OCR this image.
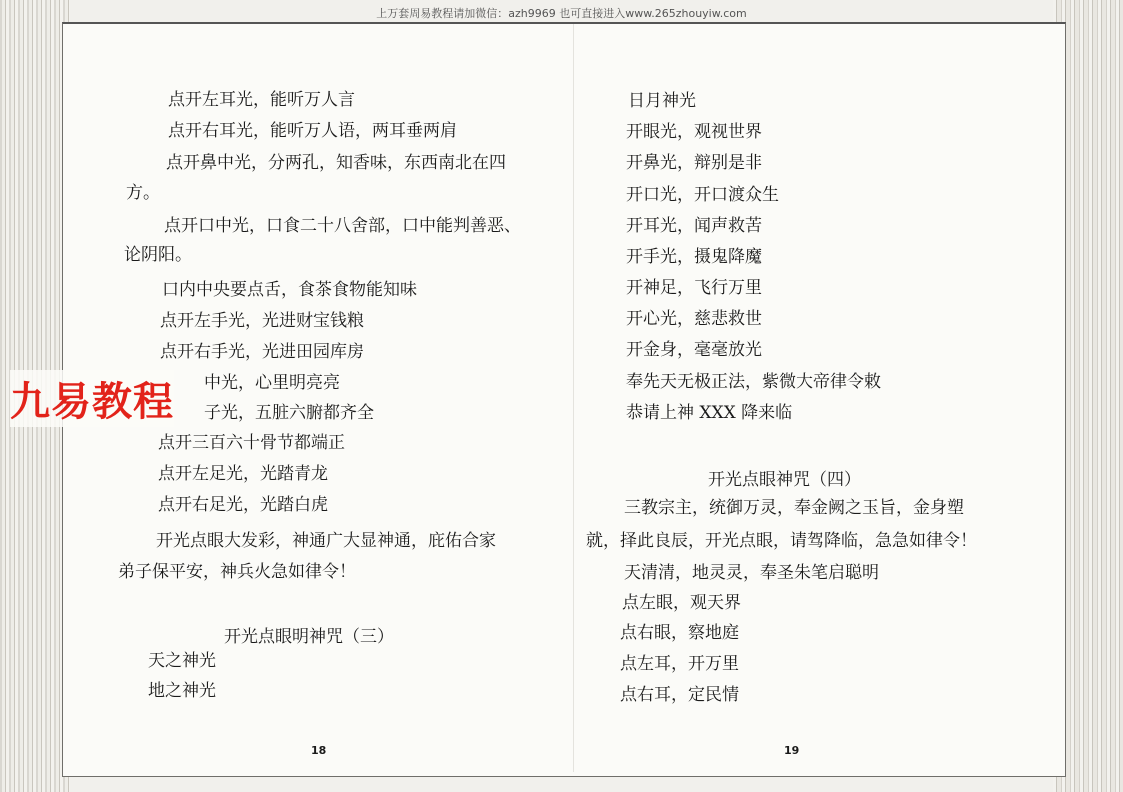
上万套周易教程请加微信：azh9969 也可直接进入www.265zhouyiw.com
点开左耳光，能听万人言
点开右耳光，能听万人语，两耳垂两肩
点开鼻中光，分两孔，知香味，东西南北在四
方。
点开口中光，口食二十八舍部，口中能判善恶、
论阴阳。
口内中央要点舌，食茶食物能知味
点开左手光，光进财宝钱粮
点开右手光，光进田园库房
中光，心里明亮亮
子光，五脏六腑都齐全
点开三百六十骨节都端正
点开左足光，光踏青龙
点开右足光，光踏白虎
开光点眼大发彩，神通广大显神通，庇佑合家
弟子保平安，神兵火急如律令！
开光点眼明神咒（三）
天之神光
地之神光
18
日月神光
开眼光，观视世界
开鼻光，辩别是非
开口光，开口渡众生
开耳光，闻声救苦
开手光，摄鬼降魔
开神足，飞行万里
开心光，慈悲救世
开金身，毫毫放光
奉先天无极正法，紫微大帝律令敕
恭请上神 XXX 降来临
开光点眼神咒（四）
三教宗主，统御万灵，奉金阙之玉旨，金身塑
就，择此良辰，开光点眼，请驾降临，急急如律令！
天清清，地灵灵，奉圣朱笔启聪明
点左眼，观天界
点右眼，察地庭
点左耳，开万里
点右耳，定民情
19
九易教程
